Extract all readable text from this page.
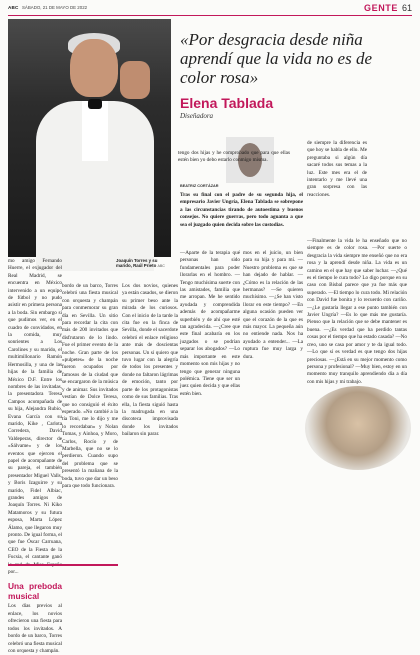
ABC SÁBADO, 21 DE MAYO DE 2022	GENTE 61
Joaquín Torres y su marido, Raúl Prieto ABC

mo amigo Fernando Huerre, el exjugador del Real Madrid, se encuentra en México intervenido a un equipo de fútbol y no pudo asistir en primera persona a la boda. Sin embargo sí que pudimos ver, en el cuadro de convidados, en la comida, muy sonrientes a Los Carolines y su marido, el multimillonario Ramón Hermosilla, y una de las hijas de la familia de México D.F. Entre los nombres de las invitadas, la presentadora Teresa Campos acompañada de su hija, Alejandra Rubio, Evana García con su marido, Kike , Carlota Corredera, David Valdeperas, director de «Sálvame» y de los eventos que ejercen el papel de acompañante de su pareja, el también presentador Miguel Valls, y Boris Izaguirre y su marido, Fidel Albiac, grandes amigos de Joaquín Torres. Ni Kiko Matamoros y su futura esposa, Marta López Álamo, que llegaron muy pronto. De igual forma, el que fue Óscar Carruana, CEO de la Fiesta de la Fucsia, el cantante ganó por...

Una preboda musical

Los días previos al enlace, los novios ofrecieron una fiesta para todos los invitados. A bordo de un barco, Torres celebró una fiesta musical con orquesta y champán.

bordo de un barco, Torres celebró una fiesta musical con orquesta y champán para conmemorar su gran día en Sevilla. Un sitio para recordar la cita con más de 200 invitados que disfrutaron de lo lindo. Fue el primer evento de la noche. Gran parte de los «pulpetes» de la noche fueron ocupados por famosos de la ciudad que se encargaron de la música y de animar. Sus invitados vestían de Dolce Teresa, que no consiguió el éxito esperado. «No cambié a la tía Toni, me lo dijo y me lo recordaban» y Nolan Tomas, y Ainhoa, y Moro, Carlos, Rocío y de Marbella, que no se lo perdieron. Cuando supo del problema que se presentó la mañana de la boda, tuvo que dar un beso para que todo funcionara.

Los dos novios, quienes ya están casados, se dieron su primer beso ante la mirada de los curiosos. Con el inicio de la tarde la cita fue en la finca de Sevilla, donde el sacerdote celebró el enlace religioso ante más de doscientas personas. Un sí quiero que tuvo lugar con la alegría de todos los presentes y donde no faltaron lágrimas de emoción, tanto por parte de los protagonistas como de sus familias. Tras ella, la fiesta siguió hasta la madrugada en una discoteca improvisada donde los invitados bailaron sin parar.

«Por desgracia desde niña aprendí que la vida no es de color rosa»
Elena Tablada
Diseñadora
BEATRIZ CORTÁZAR

Tras su final con el padre de su segunda hija, el empresario Javier Ungría, Elena Tablada se sobrepone a las circunstancias tirando de autoestima y buenos consejos. No quiere guerras, pero todo aguanta a que sea el juzgado quien decida sobre las custodias.

tengo dos hijas y he comprobado que para que ellas estén bien yo debo estarlo conmigo misma.

—Aparte de la terapia qué personas han sido fundamentales para poder llorarlas en el hombro. —Tengo muchísima suerte con las amistades, familia que me arropan. Me he sentido ayudada y comprendida además de acompañarme superbién y de ahí que esté tan agradecida. —¿Cree que este final acabaría en los juzgados o se podrían separar los abogados? —Lo más importante en este momento son mis hijas y no tengo que generar ninguna polémica. Tiene que ser un juez quien decida y que ellas estén bien.

mos en el juicio, un bien para su hija y para mí. —Nuestro problema es que se han dejado de hablar. —¿Cómo es la relación de las hermanas? —Se quieren muchísimo. —¿Se han visto llorar en este tiempo? —En alguna ocasión pueden ver que el corazón de la que es más mayor. La pequeña aún no entiende nada. Nos ha ayudado a entender... —La ruptura fue muy larga y dura.

de siempre la diferencia es que hoy se habla de ello. Me preguntaba si algún día sacaré todos sus temas a la luz. Este mes era el de intentarlo y me llevé una gran sorpresa con las reacciones.

—Finalmente la vida le ha enseñado que no siempre es de color rosa. —Por suerte o desgracia la vida siempre me enseñó que no era rosa y la aprendí desde niña. La vida es un camino en el que hay que saber luchar. —¿Qué es el tiempo le cura todo? Lo digo porque en su caso con Bisbal parece que ya fue más que superado. —El tiempo lo cura todo. Mi relación con David fue bonita y lo recuerdo con cariño. —¿Le gustaría llegar a ese punto también con Javier Ungría? —Es lo que más me gustaría. Pienso que la relación que se debe mantener es buena. —¿Es verdad que ha perdido tantas cosas por el tiempo que ha estado casada? —No creo, uno se casa por amor y te da igual todo. —Lo que sí es verdad es que tengo dos hijas preciosas. —¿Está en su mejor momento como persona y profesional? —Muy bien, estoy en un momento muy tranquilo aprendiendo día a día con mis hijas y mi trabajo.
